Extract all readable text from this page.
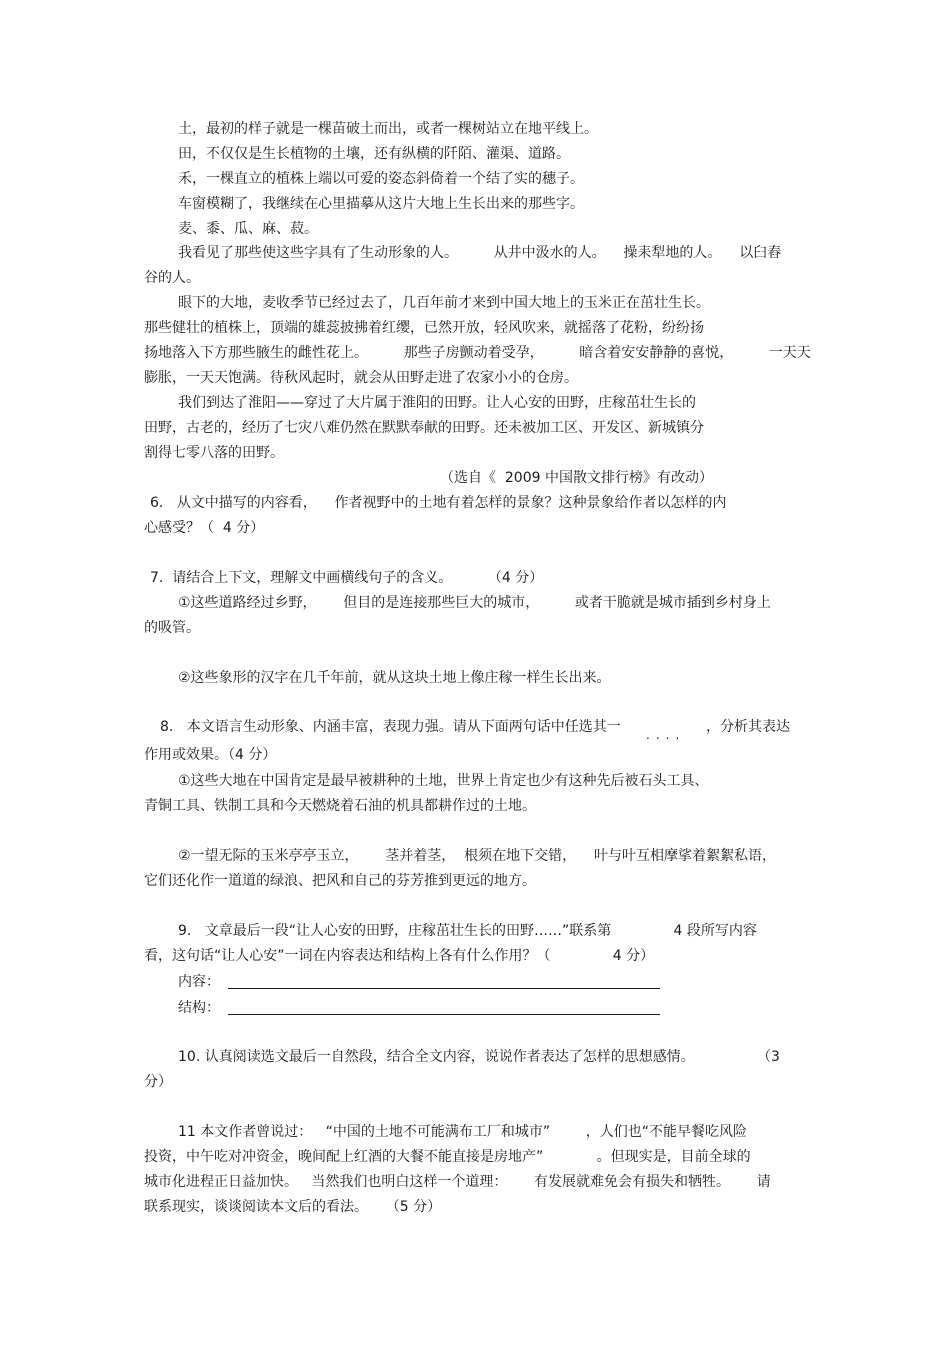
土，最初的样子就是一棵苗破土而出，或者一棵树站立在地平线上。
田，不仅仅是生长植物的土壤，还有纵横的阡陌、灌渠、道路。
禾，一棵直立的植株上端以可爱的姿态斜倚着一个结了实的穗子。
车窗模糊了，我继续在心里描摹从这片大地上生长出来的那些字。
麦、黍、瓜、麻、菽。
我看见了那些使这些字具有了生动形象的人。        从井中汲水的人。    操耒犁地的人。    以臼舂
谷的人。
眼下的大地，麦收季节已经过去了，几百年前才来到中国大地上的玉米正在茁壮生长。
那些健壮的植株上，顶端的雄蕊披拂着红缨，已然开放，轻风吹来，就摇落了花粉，纷纷扬
扬地落入下方那些腋生的雌性花上。        那些子房颤动着受孕，        暗含着安安静静的喜悦，        一天天
膨胀，一天天饱满。待秋风起时，就会从田野走进了农家小小的仓房。
我们到达了淮阳——穿过了大片属于淮阳的田野。让人心安的田野，庄稼茁壮生长的
田野，古老的，经历了七灾八难仍然在默默奉献的田野。还未被加工区、开发区、新城镇分
割得七零八落的田野。
（选自《  2009 中国散文排行榜》有改动）
6.   从文中描写的内容看，    作者视野中的土地有着怎样的景象？这种景象给作者以怎样的内
心感受？（  4 分）
7.  请结合上下文，理解文中画横线句子的含义。        （4 分）
①这些道路经过乡野，      但目的是连接那些巨大的城市，        或者干脆就是城市插到乡村身上
的吸管。
②这些象形的汉字在几千年前，就从这块土地上像庄稼一样生长出来。
8.   本文语言生动形象、内涵丰富，表现力强。请从下面两句话中任选其一 .... ，分析其表达
作用或效果。（4 分）
①这些大地在中国肯定是最早被耕种的土地，世界上肯定也少有这种先后被石头工具、
青铜工具、铁制工具和今天燃烧着石油的机具都耕作过的土地。
②一望无际的玉米亭亭玉立，      茎并着茎，  根须在地下交错，    叶与叶互相摩挲着絮絮私语，
它们还化作一道道的绿浪、把风和自己的芬芳推到更远的地方。
9.   文章最后一段“让人心安的田野，庄稼茁壮生长的田野……”联系第              4 段所写内容
看，这句话“让人心安”一词在内容表达和结构上各有什么作用？（              4 分）
内容：
结构：
10. 认真阅读选文最后一自然段，结合全文内容，说说作者表达了怎样的思想感情。              （3
分）
11 本文作者曾说过：   “中国的土地不可能满布工厂和城市”        ，人们也“不能早餐吃风险
投资，中午吃对冲资金，晚间配上红酒的大餐不能直接是房地产”            。但现实是，目前全球的
城市化进程正日益加快。   当然我们也明白这样一个道理：      有发展就难免会有损失和牺牲。      请
联系现实，谈谈阅读本文后的看法。    （5 分）
